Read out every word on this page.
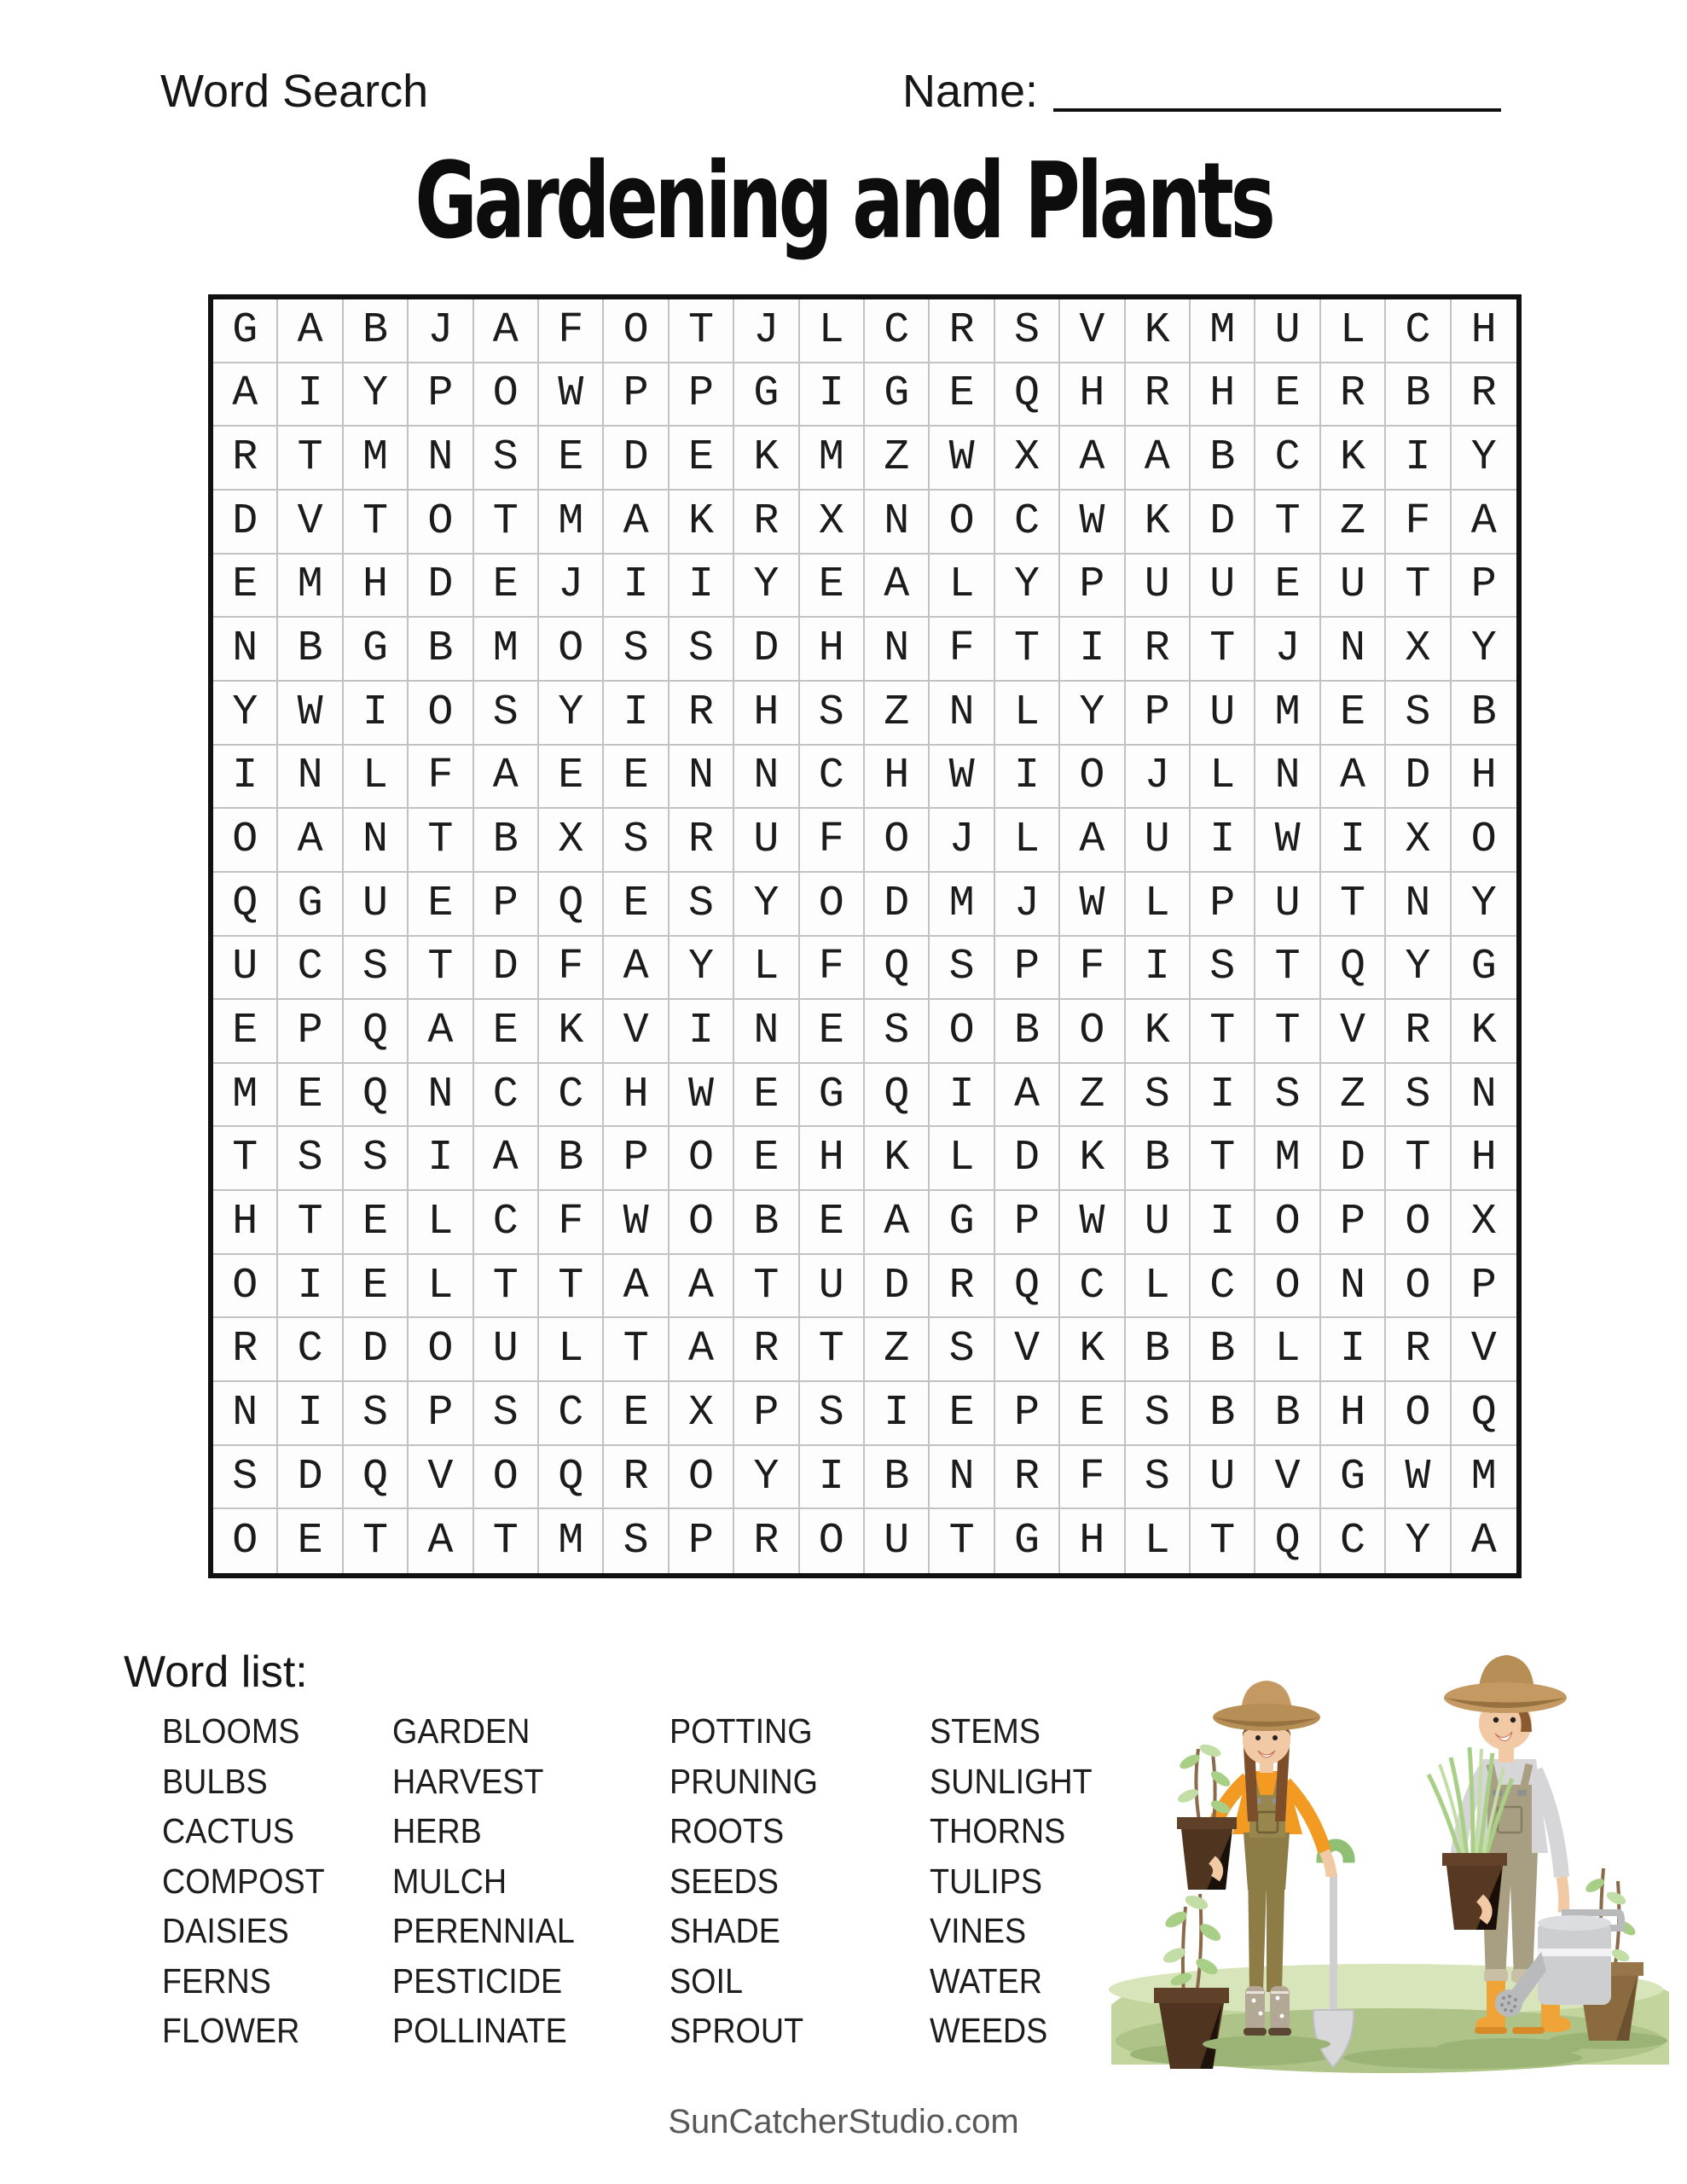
Word Search	Name:
Gardening and Plants
G A B J A F O T J L C R S V K M U L C H
A I Y P O W P P G I G E Q H R H E R B R
R T M N S E D E K M Z W X A A B C K I Y
D V T O T M A K R X N O C W K D T Z F A
E M H D E J I I Y E A L Y P U U E U T P
N B G B M O S S D H N F T I R T J N X Y
Y W I O S Y I R H S Z N L Y P U M E S B
I N L F A E E N N C H W I O J L N A D H
O A N T B X S R U F O J L A U I W I X O
Q G U E P Q E S Y O D M J W L P U T N Y
U C S T D F A Y L F Q S P F I S T Q Y G
E P Q A E K V I N E S O B O K T T V R K
M E Q N C C H W E G Q I A Z S I S Z S N
T S S I A B P O E H K L D K B T M D T H
H T E L C F W O B E A G P W U I O P O X
O I E L T T A A T U D R Q C L C O N O P
R C D O U L T A R T Z S V K B B L I R V
N I S P S C E X P S I E P E S B B H O Q
S D Q V O Q R O Y I B N R F S U V G W M
O E T A T M S P R O U T G H L T Q C Y A
Word list:
BLOOMS
BULBS
CACTUS
COMPOST
DAISIES
FERNS
FLOWER
GARDEN
HARVEST
HERB
MULCH
PERENNIAL
PESTICIDE
POLLINATE
POTTING
PRUNING
ROOTS
SEEDS
SHADE
SOIL
SPROUT
STEMS
SUNLIGHT
THORNS
TULIPS
VINES
WATER
WEEDS
SunCatcherStudio.com
